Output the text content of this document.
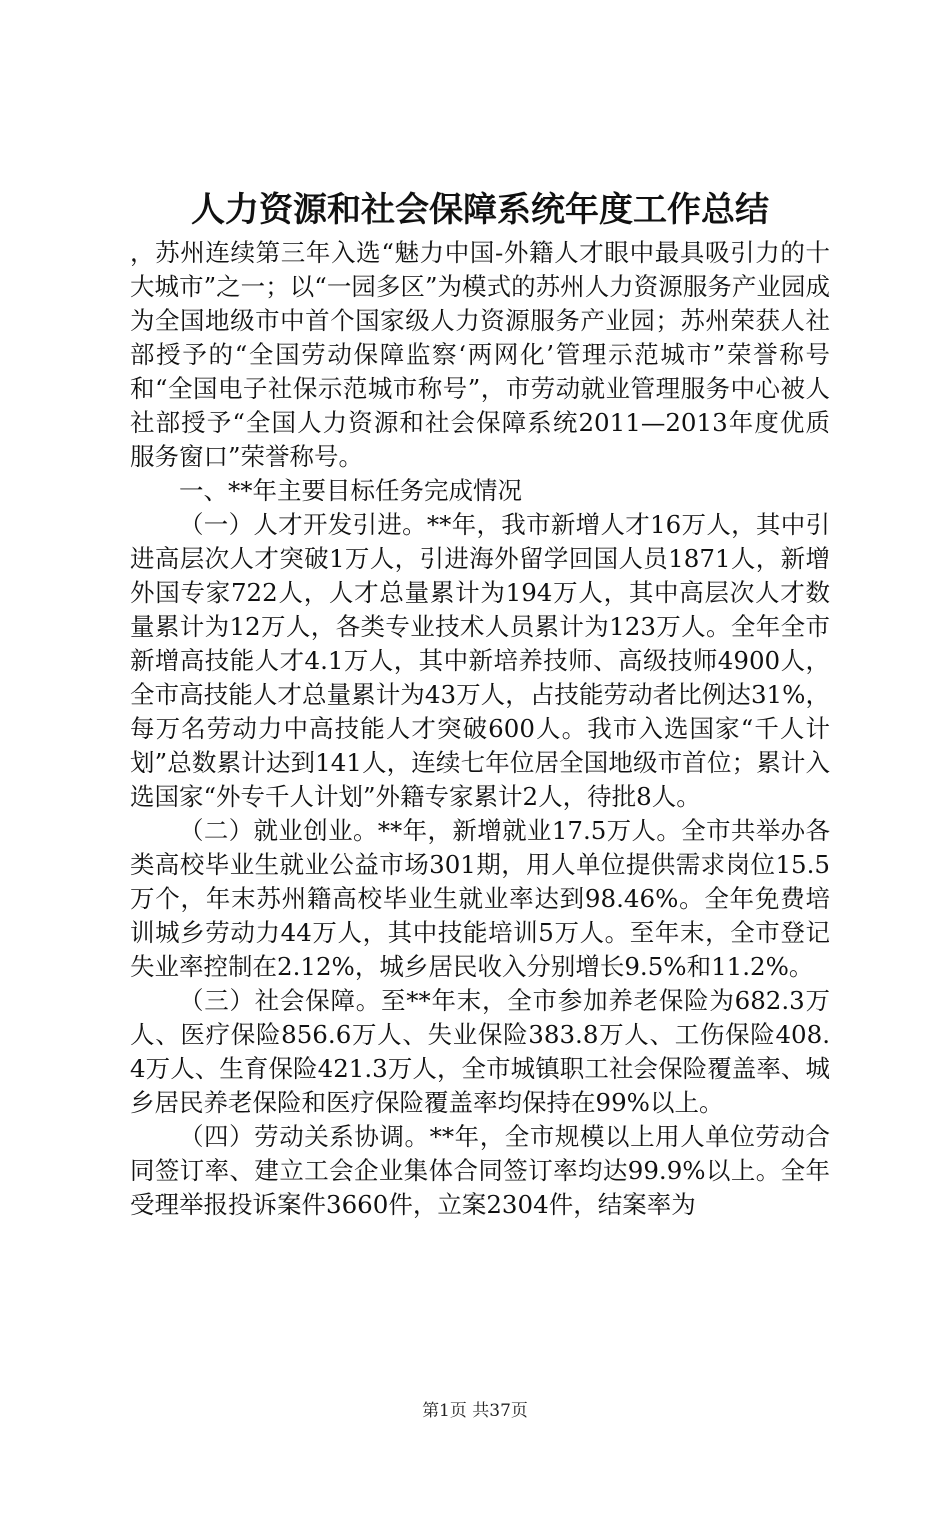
人力资源和社会保障系统年度工作总结

，苏州连续第三年入选“魅力中国-外籍人才眼中最具吸引力的十大城市”之一；以“一园多区”为模式的苏州人力资源服务产业园成为全国地级市中首个国家级人力资源服务产业园；苏州荣获人社部授予的“全国劳动保障监察‘两网化’管理示范城市”荣誉称号和“全国电子社保示范城市称号”，市劳动就业管理服务中心被人社部授予“全国人力资源和社会保障系统2011—2013年度优质服务窗口”荣誉称号。

一、**年主要目标任务完成情况

（一）人才开发引进。**年，我市新增人才16万人，其中引进高层次人才突破1万人，引进海外留学回国人员1871人，新增外国专家722人，人才总量累计为194万人，其中高层次人才数量累计为12万人，各类专业技术人员累计为123万人。全年全市新增高技能人才4.1万人，其中新培养技师、高级技师4900人，全市高技能人才总量累计为43万人，占技能劳动者比例达31%，每万名劳动力中高技能人才突破600人。我市入选国家“千人计划”总数累计达到141人，连续七年位居全国地级市首位；累计入选国家“外专千人计划”外籍专家累计2人，待批8人。

（二）就业创业。**年，新增就业17.5万人。全市共举办各类高校毕业生就业公益市场301期，用人单位提供需求岗位15.5万个，年末苏州籍高校毕业生就业率达到98.46%。全年免费培训城乡劳动力44万人，其中技能培训5万人。至年末，全市登记失业率控制在2.12%，城乡居民收入分别增长9.5%和11.2%。

（三）社会保障。至**年末，全市参加养老保险为682.3万人、医疗保险856.6万人、失业保险383.8万人、工伤保险408.4万人、生育保险421.3万人，全市城镇职工社会保险覆盖率、城乡居民养老保险和医疗保险覆盖率均保持在99%以上。

（四）劳动关系协调。**年，全市规模以上用人单位劳动合同签订率、建立工会企业集体合同签订率均达99.9%以上。全年受理举报投诉案件3660件，立案2304件，结案率为

第1页 共37页
